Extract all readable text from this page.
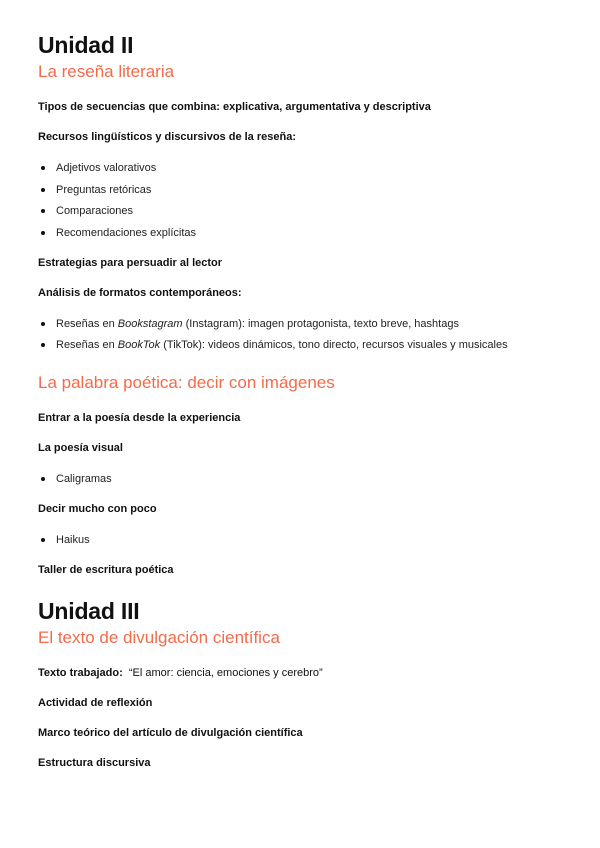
Unidad II
La reseña literaria

Tipos de secuencias que combina: explicativa, argumentativa y descriptiva

Recursos lingüísticos y discursivos de la reseña:

Adjetivos valorativos
Preguntas retóricas
Comparaciones
Recomendaciones explícitas

Estrategias para persuadir al lector

Análisis de formatos contemporáneos:

Reseñas en Bookstagram (Instagram): imagen protagonista, texto breve, hashtags
Reseñas en BookTok (TikTok): videos dinámicos, tono directo, recursos visuales y musicales
La palabra poética: decir con imágenes

Entrar a la poesía desde la experiencia

La poesía visual

Caligramas

Decir mucho con poco

Haikus

Taller de escritura poética

Unidad III
El texto de divulgación científica

Texto trabajado: “El amor: ciencia, emociones y cerebro”

Actividad de reflexión

Marco teórico del artículo de divulgación científica

Estructura discursiva
